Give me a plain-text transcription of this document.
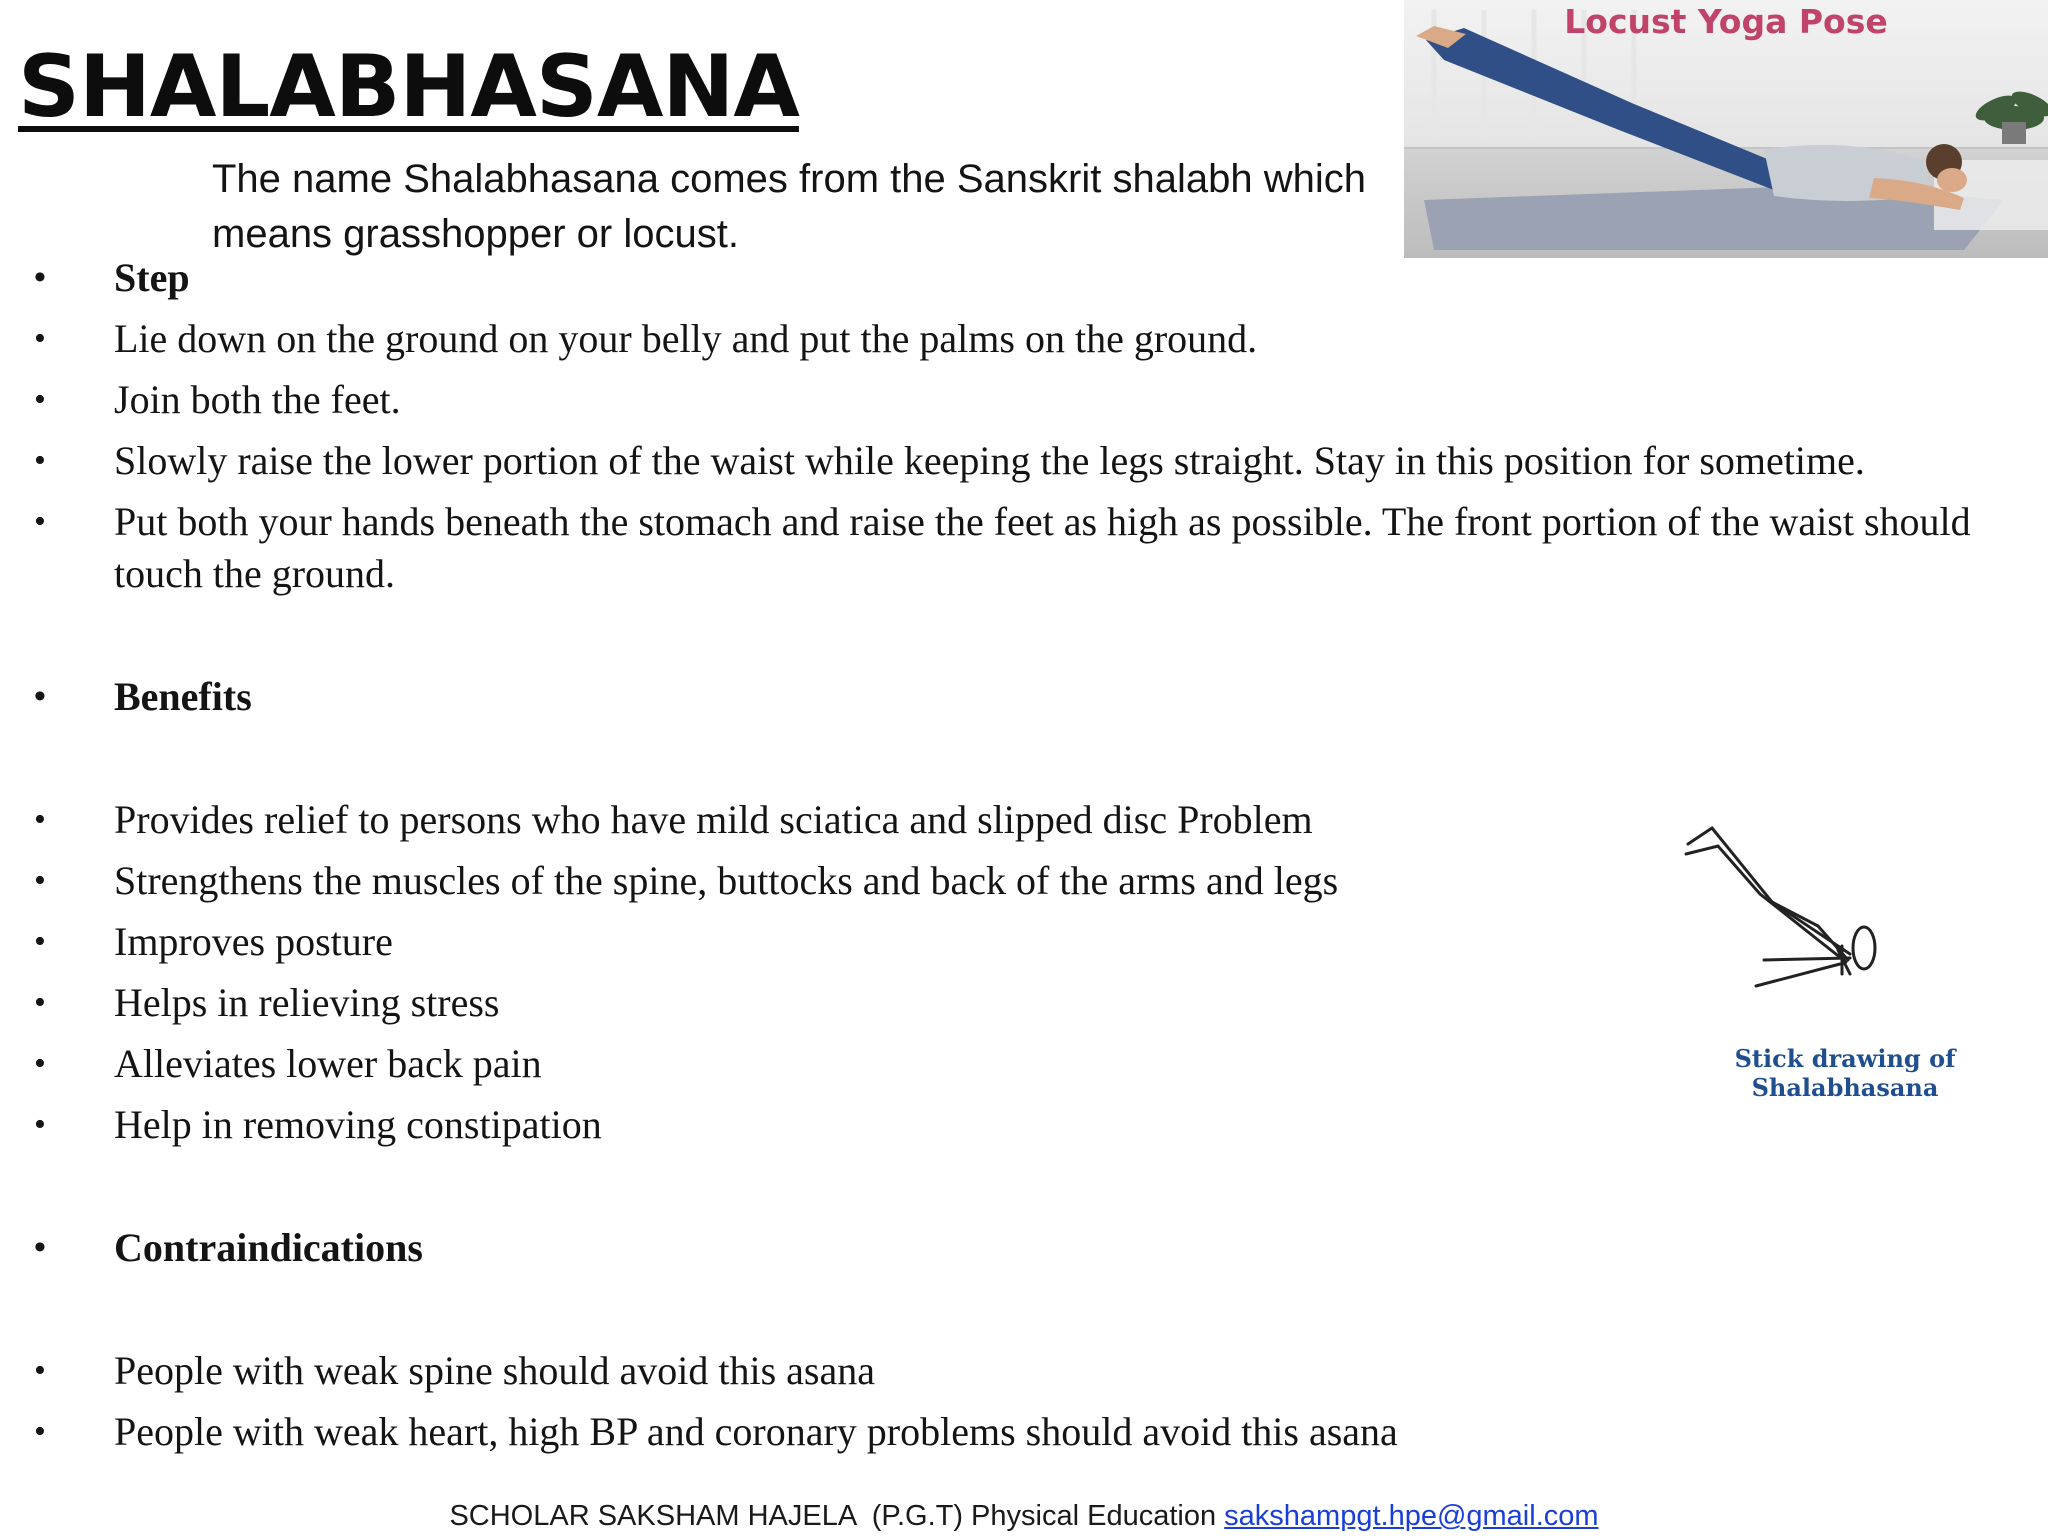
SHALABHASANA
The name Shalabhasana comes from the Sanskrit shalabh which means grasshopper or locust.
Locust Yoga Pose
• Step
• Lie down on the ground on your belly and put the palms on the ground.
• Join both the feet.
• Slowly raise the lower portion of the waist while keeping the legs straight. Stay in this position for sometime.
• Put both your hands beneath the stomach and raise the feet as high as possible. The front portion of the waist should touch the ground.
• Benefits
• Provides relief to persons who have mild sciatica and slipped disc Problem
• Strengthens the muscles of the spine, buttocks and back of the arms and legs
• Improves posture
• Helps in relieving stress
• Alleviates lower back pain
• Help in removing constipation
• Contraindications
• People with weak spine should avoid this asana
• People with weak heart, high BP and coronary problems should avoid this asana
Stick drawing of Shalabhasana
SCHOLAR SAKSHAM HAJELA  (P.G.T) Physical Education sakshampgt.hpe@gmail.com
